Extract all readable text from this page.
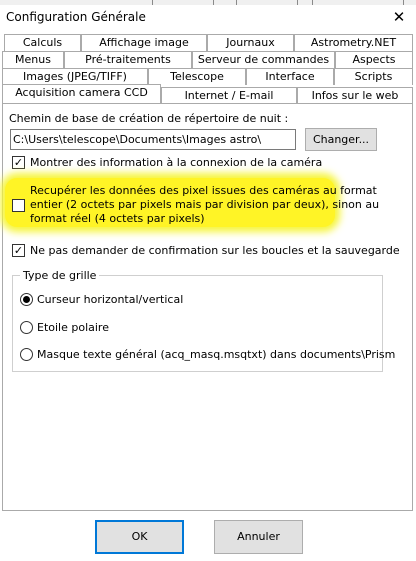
Configuration Générale	✕
Calculs	Affichage image	Journaux	Astrometry.NET
Menus	Pré-traitements	Serveur de commandes	Aspects
Images (JPEG/TIFF)	Telescope	Interface	Scripts
Acquisition camera CCD	Internet / E-mail	Infos sur le web
Chemin de base de création de répertoire de nuit :
C:\Users\telescope\Documents\Images astro\	Changer...
✓ Montrer des information à la connexion de la caméra
Recupérer les données des pixel issues des caméras au format
entier (2 octets par pixels mais par division par deux), sinon au
format réel (4 octets par pixels)
✓ Ne pas demander de confirmation sur les boucles et la sauvegarde
Type de grille
Curseur horizontal/vertical
Etoile polaire
Masque texte général (acq_masq.msqtxt) dans documents\Prism
OK	Annuler
